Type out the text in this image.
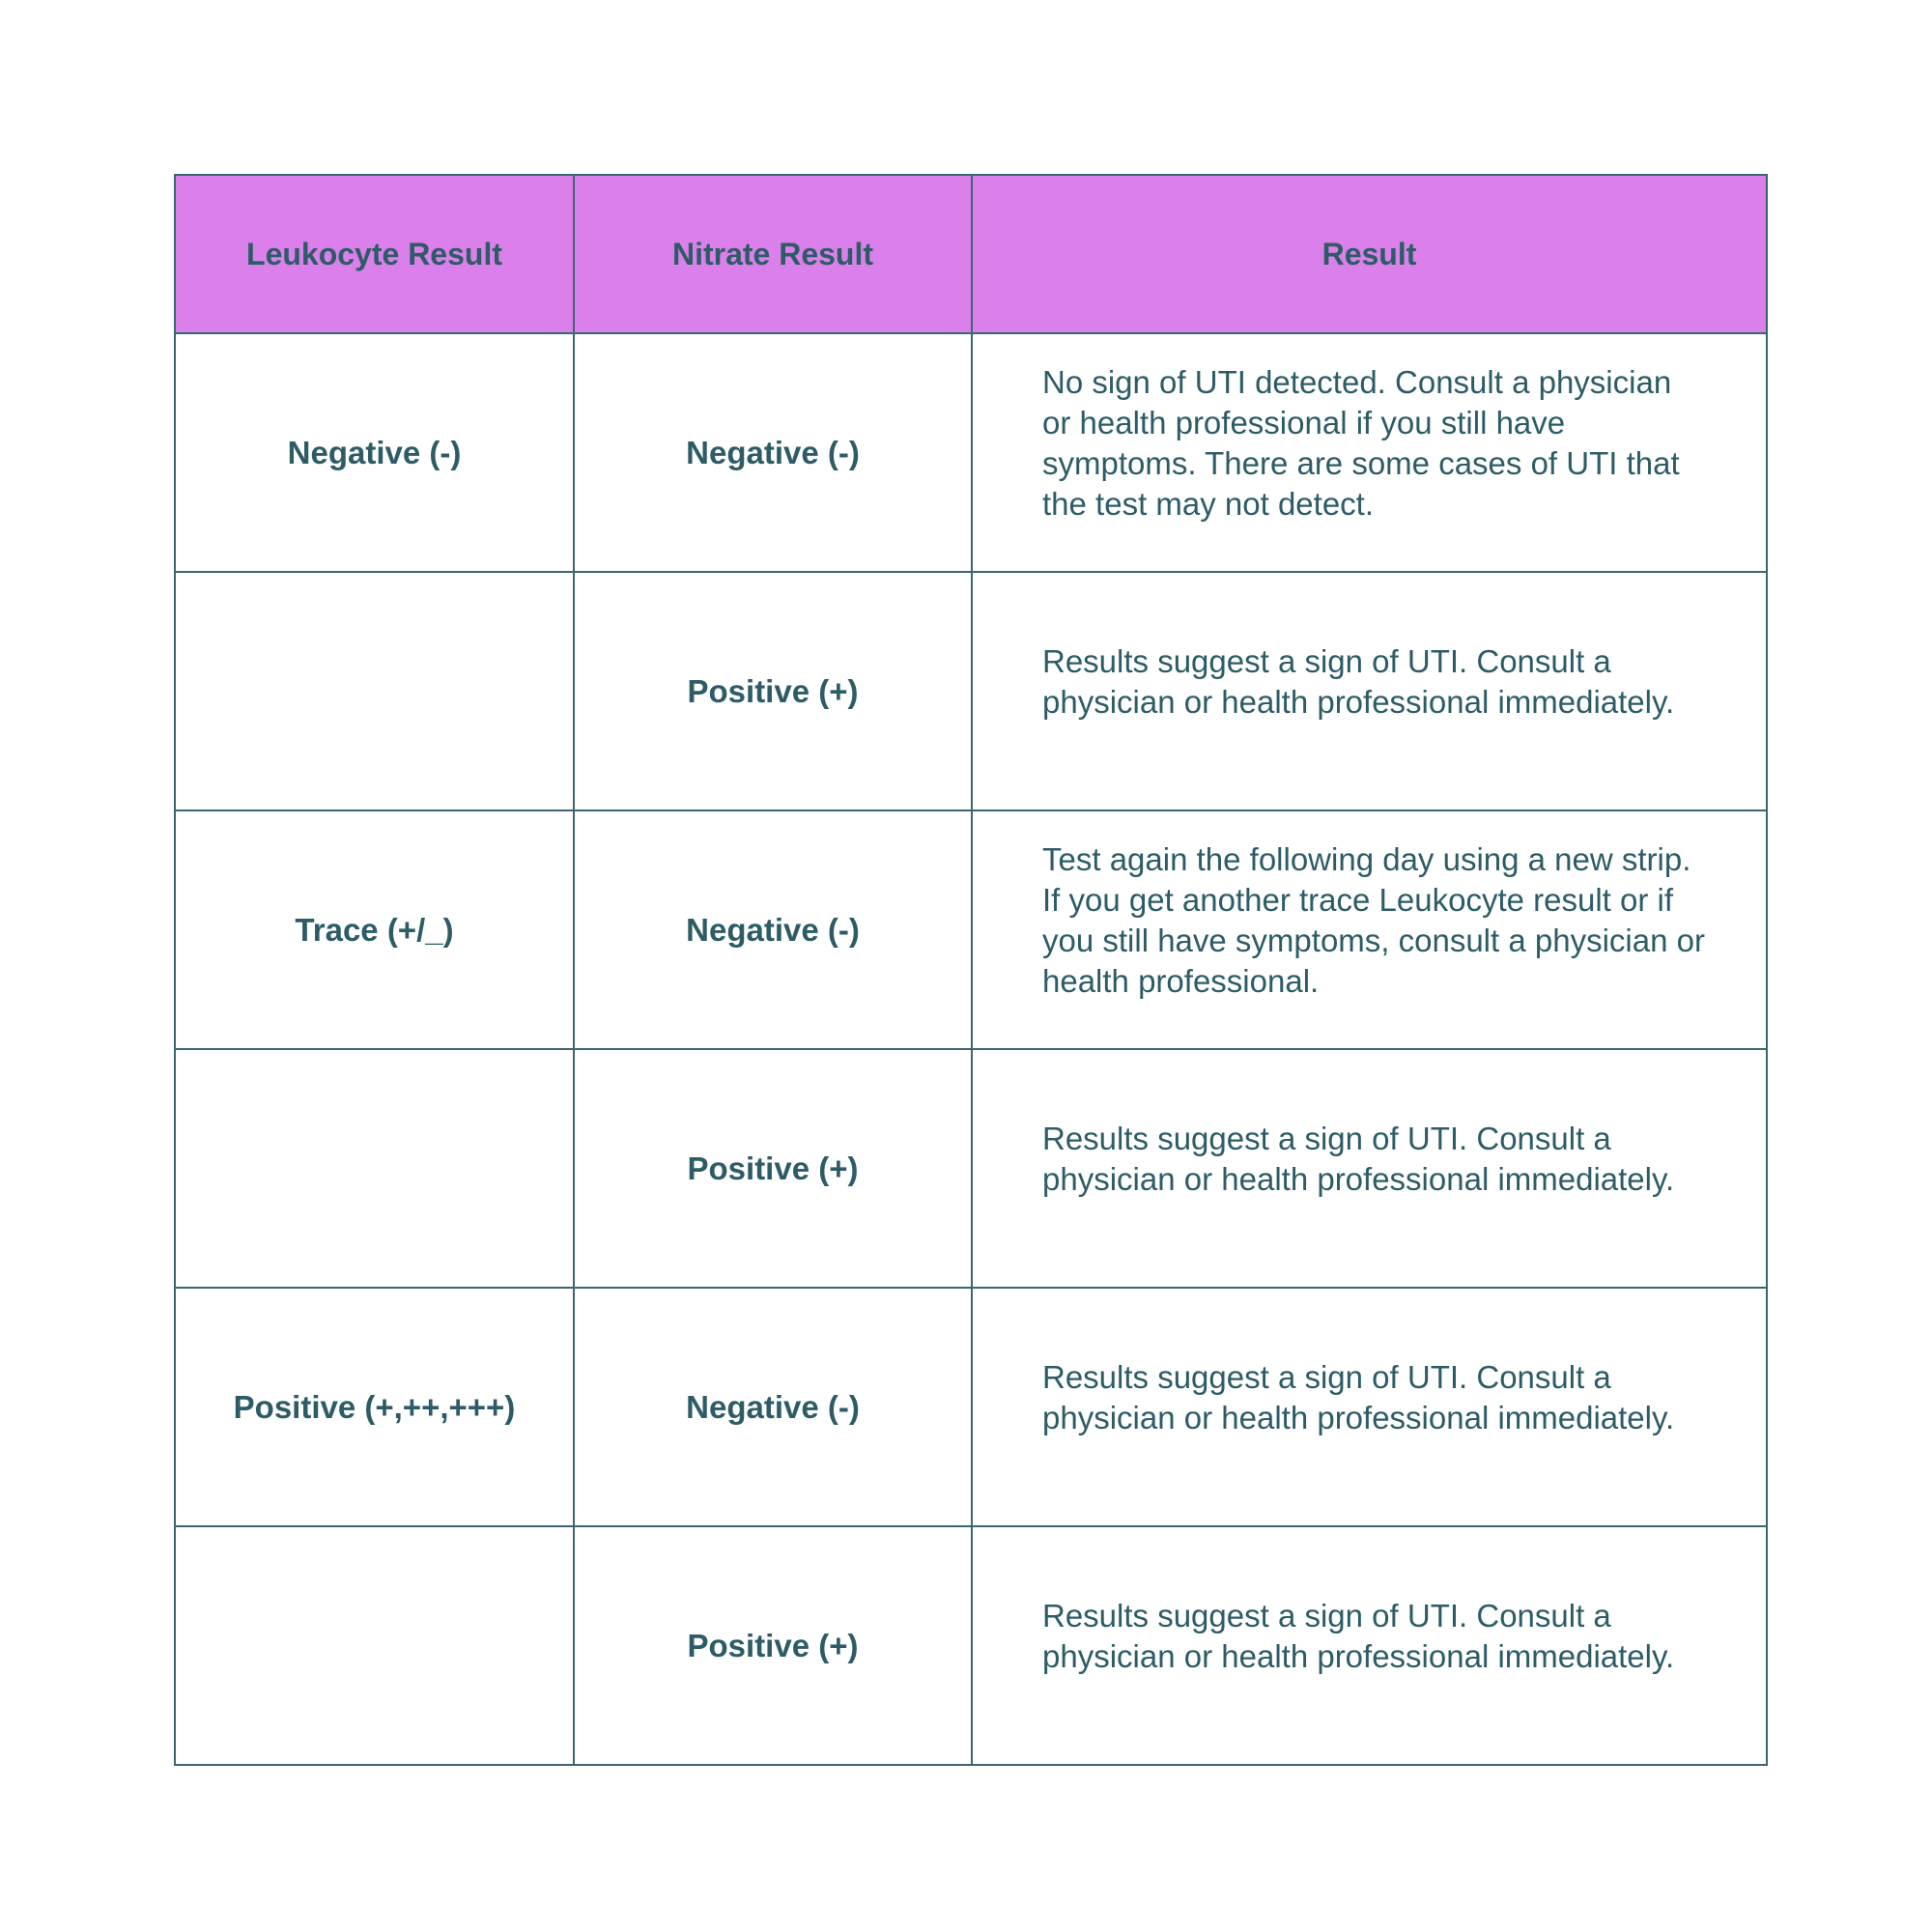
Leukocyte Result	Nitrate Result	Result
Negative (-)	Negative (-)	No sign of UTI detected. Consult a physician or health professional if you still have symptoms. There are some cases of UTI that the test may not detect.

	Positive (+)	Results suggest a sign of UTI. Consult a physician or health professional immediately.

Trace (+/_)	Negative (-)	Test again the following day using a new strip. If you get another trace Leukocyte result or if you still have symptoms, consult a physician or health professional.

	Positive (+)	Results suggest a sign of UTI. Consult a physician or health professional immediately.

Positive (+,++,+++)	Negative (-)	Results suggest a sign of UTI. Consult a physician or health professional immediately.

	Positive (+)	Results suggest a sign of UTI. Consult a physician or health professional immediately.
